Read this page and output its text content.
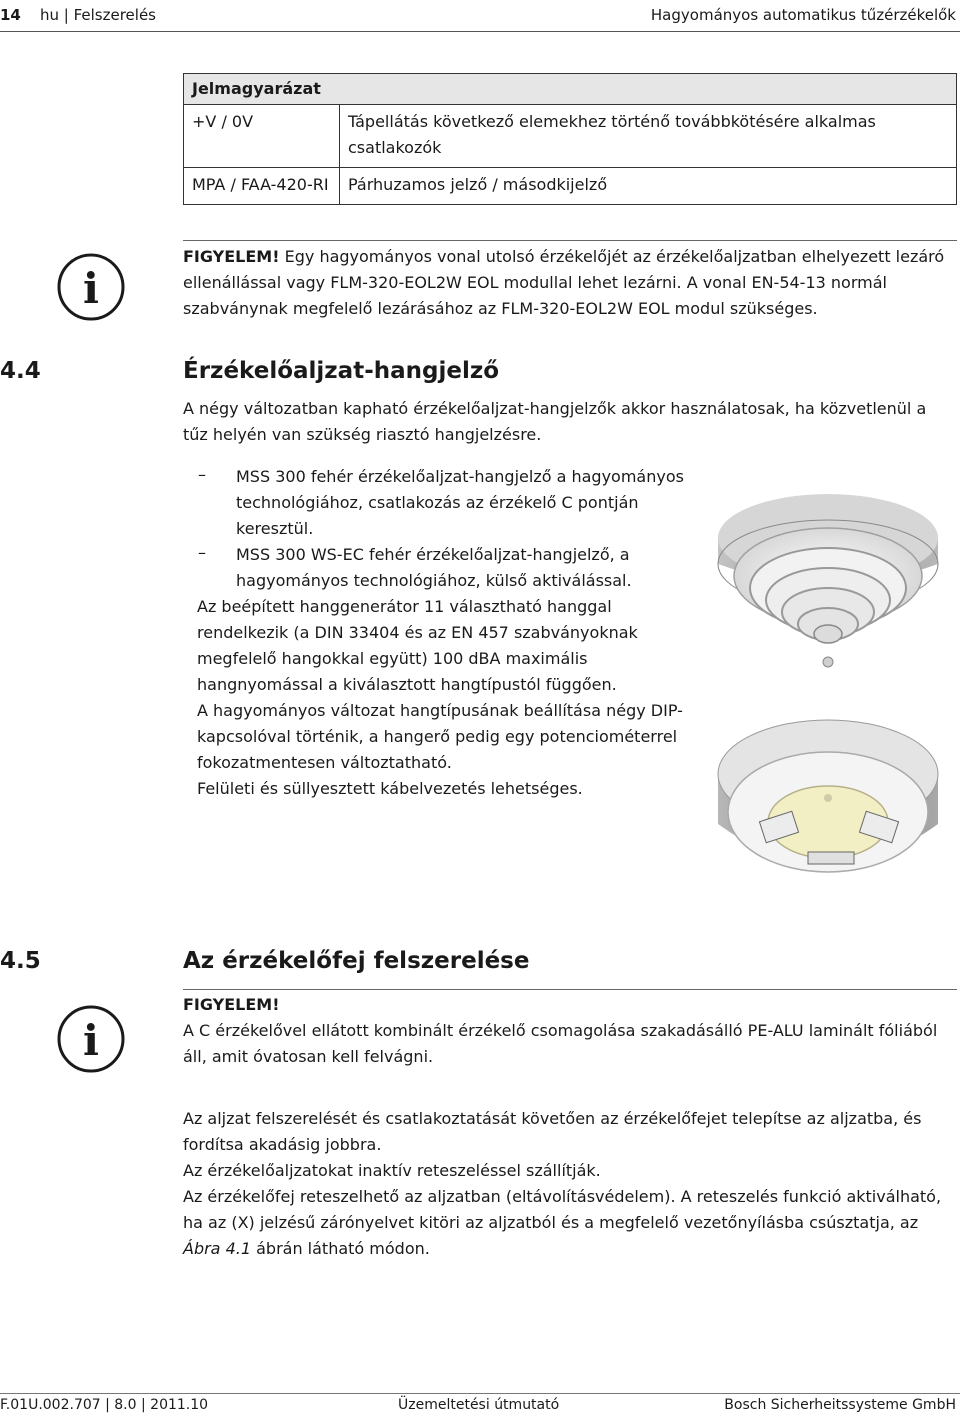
14 hu | Felszerelés	Hagyományos automatikus tűzérzékelők
Jelmagyarázat	
+V / 0V	Tápellátás következő elemekhez történő továbbkötésére alkalmas csatlakozók
MPA / FAA-420-RI	Párhuzamos jelző / másodkijelző
i
FIGYELEM! Egy hagyományos vonal utolsó érzékelőjét az érzékelőaljzatban elhelyezett lezáró ellenállással vagy FLM-320-EOL2W EOL modullal lehet lezárni. A vonal EN-54-13 normál szabványnak megfelelő lezárásához az FLM-320-EOL2W EOL modul szükséges.
4.4	Érzékelőaljzat-hangjelző
A négy változatban kapható érzékelőaljzat-hangjelzők akkor használatosak, ha közvetlenül a tűz helyén van szükség riasztó hangjelzésre.
– MSS 300 fehér érzékelőaljzat-hangjelző a hagyományos technológiához, csatlakozás az érzékelő C pontján keresztül.
– MSS 300 WS-EC fehér érzékelőaljzat-hangjelző, a hagyományos technológiához, külső aktiválással.
Az beépített hanggenerátor 11 választható hanggal rendelkezik (a DIN 33404 és az EN 457 szabványoknak megfelelő hangokkal együtt) 100 dBA maximális hangnyomással a kiválasztott hangtípustól függően.
A hagyományos változat hangtípusának beállítása négy DIP-kapcsolóval történik, a hangerő pedig egy potenciométerrel fokozatmentesen változtatható.
Felületi és süllyesztett kábelvezetés lehetséges.
4.5	Az érzékelőfej felszerelése
i
FIGYELEM!
A C érzékelővel ellátott kombinált érzékelő csomagolása szakadásálló PE-ALU laminált fóliából áll, amit óvatosan kell felvágni.
Az aljzat felszerelését és csatlakoztatását követően az érzékelőfejet telepítse az aljzatba, és fordítsa akadásig jobbra.
Az érzékelőaljzatokat inaktív reteszeléssel szállítják.
Az érzékelőfej reteszelhető az aljzatban (eltávolításvédelem). A reteszelés funkció aktiválható, ha az (X) jelzésű zárónyelvet kitöri az aljzatból és a megfelelő vezetőnyílásba csúsztatja, az Ábra 4.1 ábrán látható módon.
F.01U.002.707 | 8.0 | 2011.10	Üzemeltetési útmutató	Bosch Sicherheitssysteme GmbH
